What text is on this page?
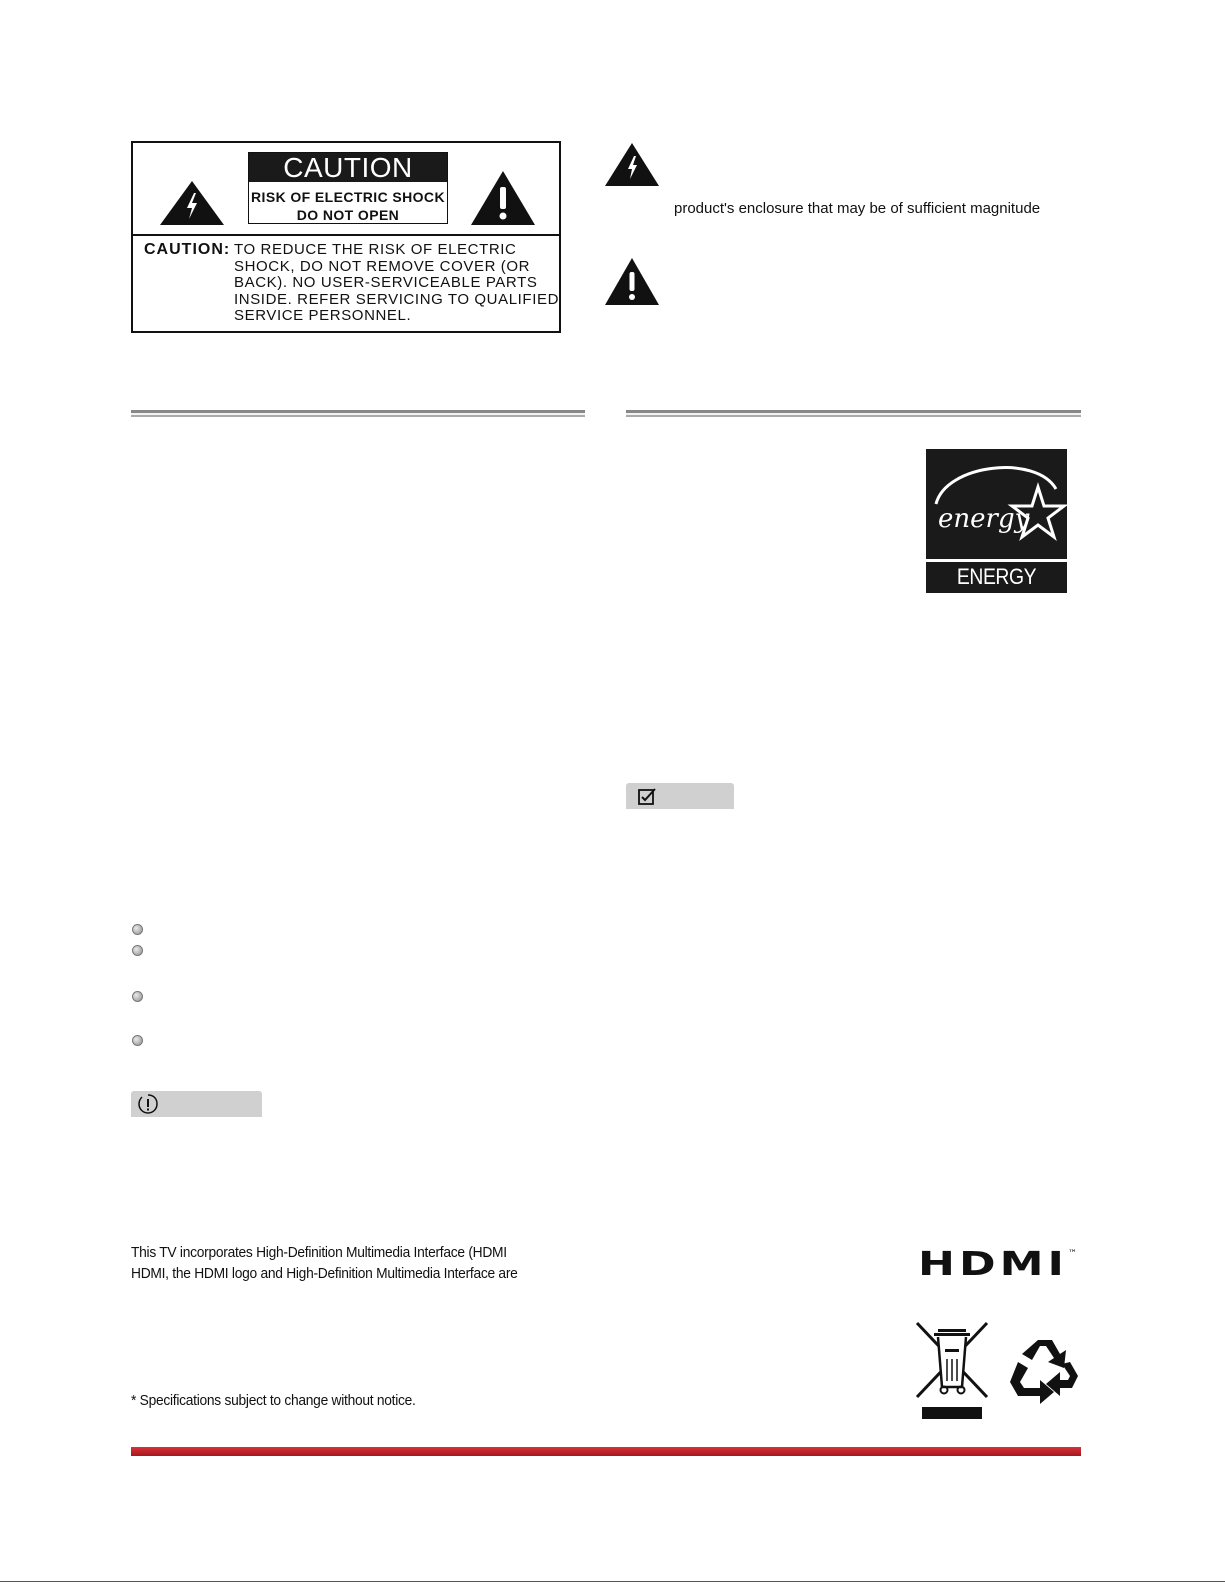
CAUTION
RISK OF ELECTRIC SHOCK
DO NOT OPEN
CAUTION: TO REDUCE THE RISK OF ELECTRIC
SHOCK, DO NOT REMOVE COVER (OR
BACK). NO USER-SERVICEABLE PARTS
INSIDE. REFER SERVICING TO QUALIFIED
SERVICE PERSONNEL.
product's enclosure that may be of sufficient magnitude
energy
ENERGY STAR
This TV incorporates High-Definition Multimedia Interface (HDMI
HDMI, the HDMI logo and High-Definition Multimedia Interface are	HDMI ™
* Specifications subject to change without notice.
